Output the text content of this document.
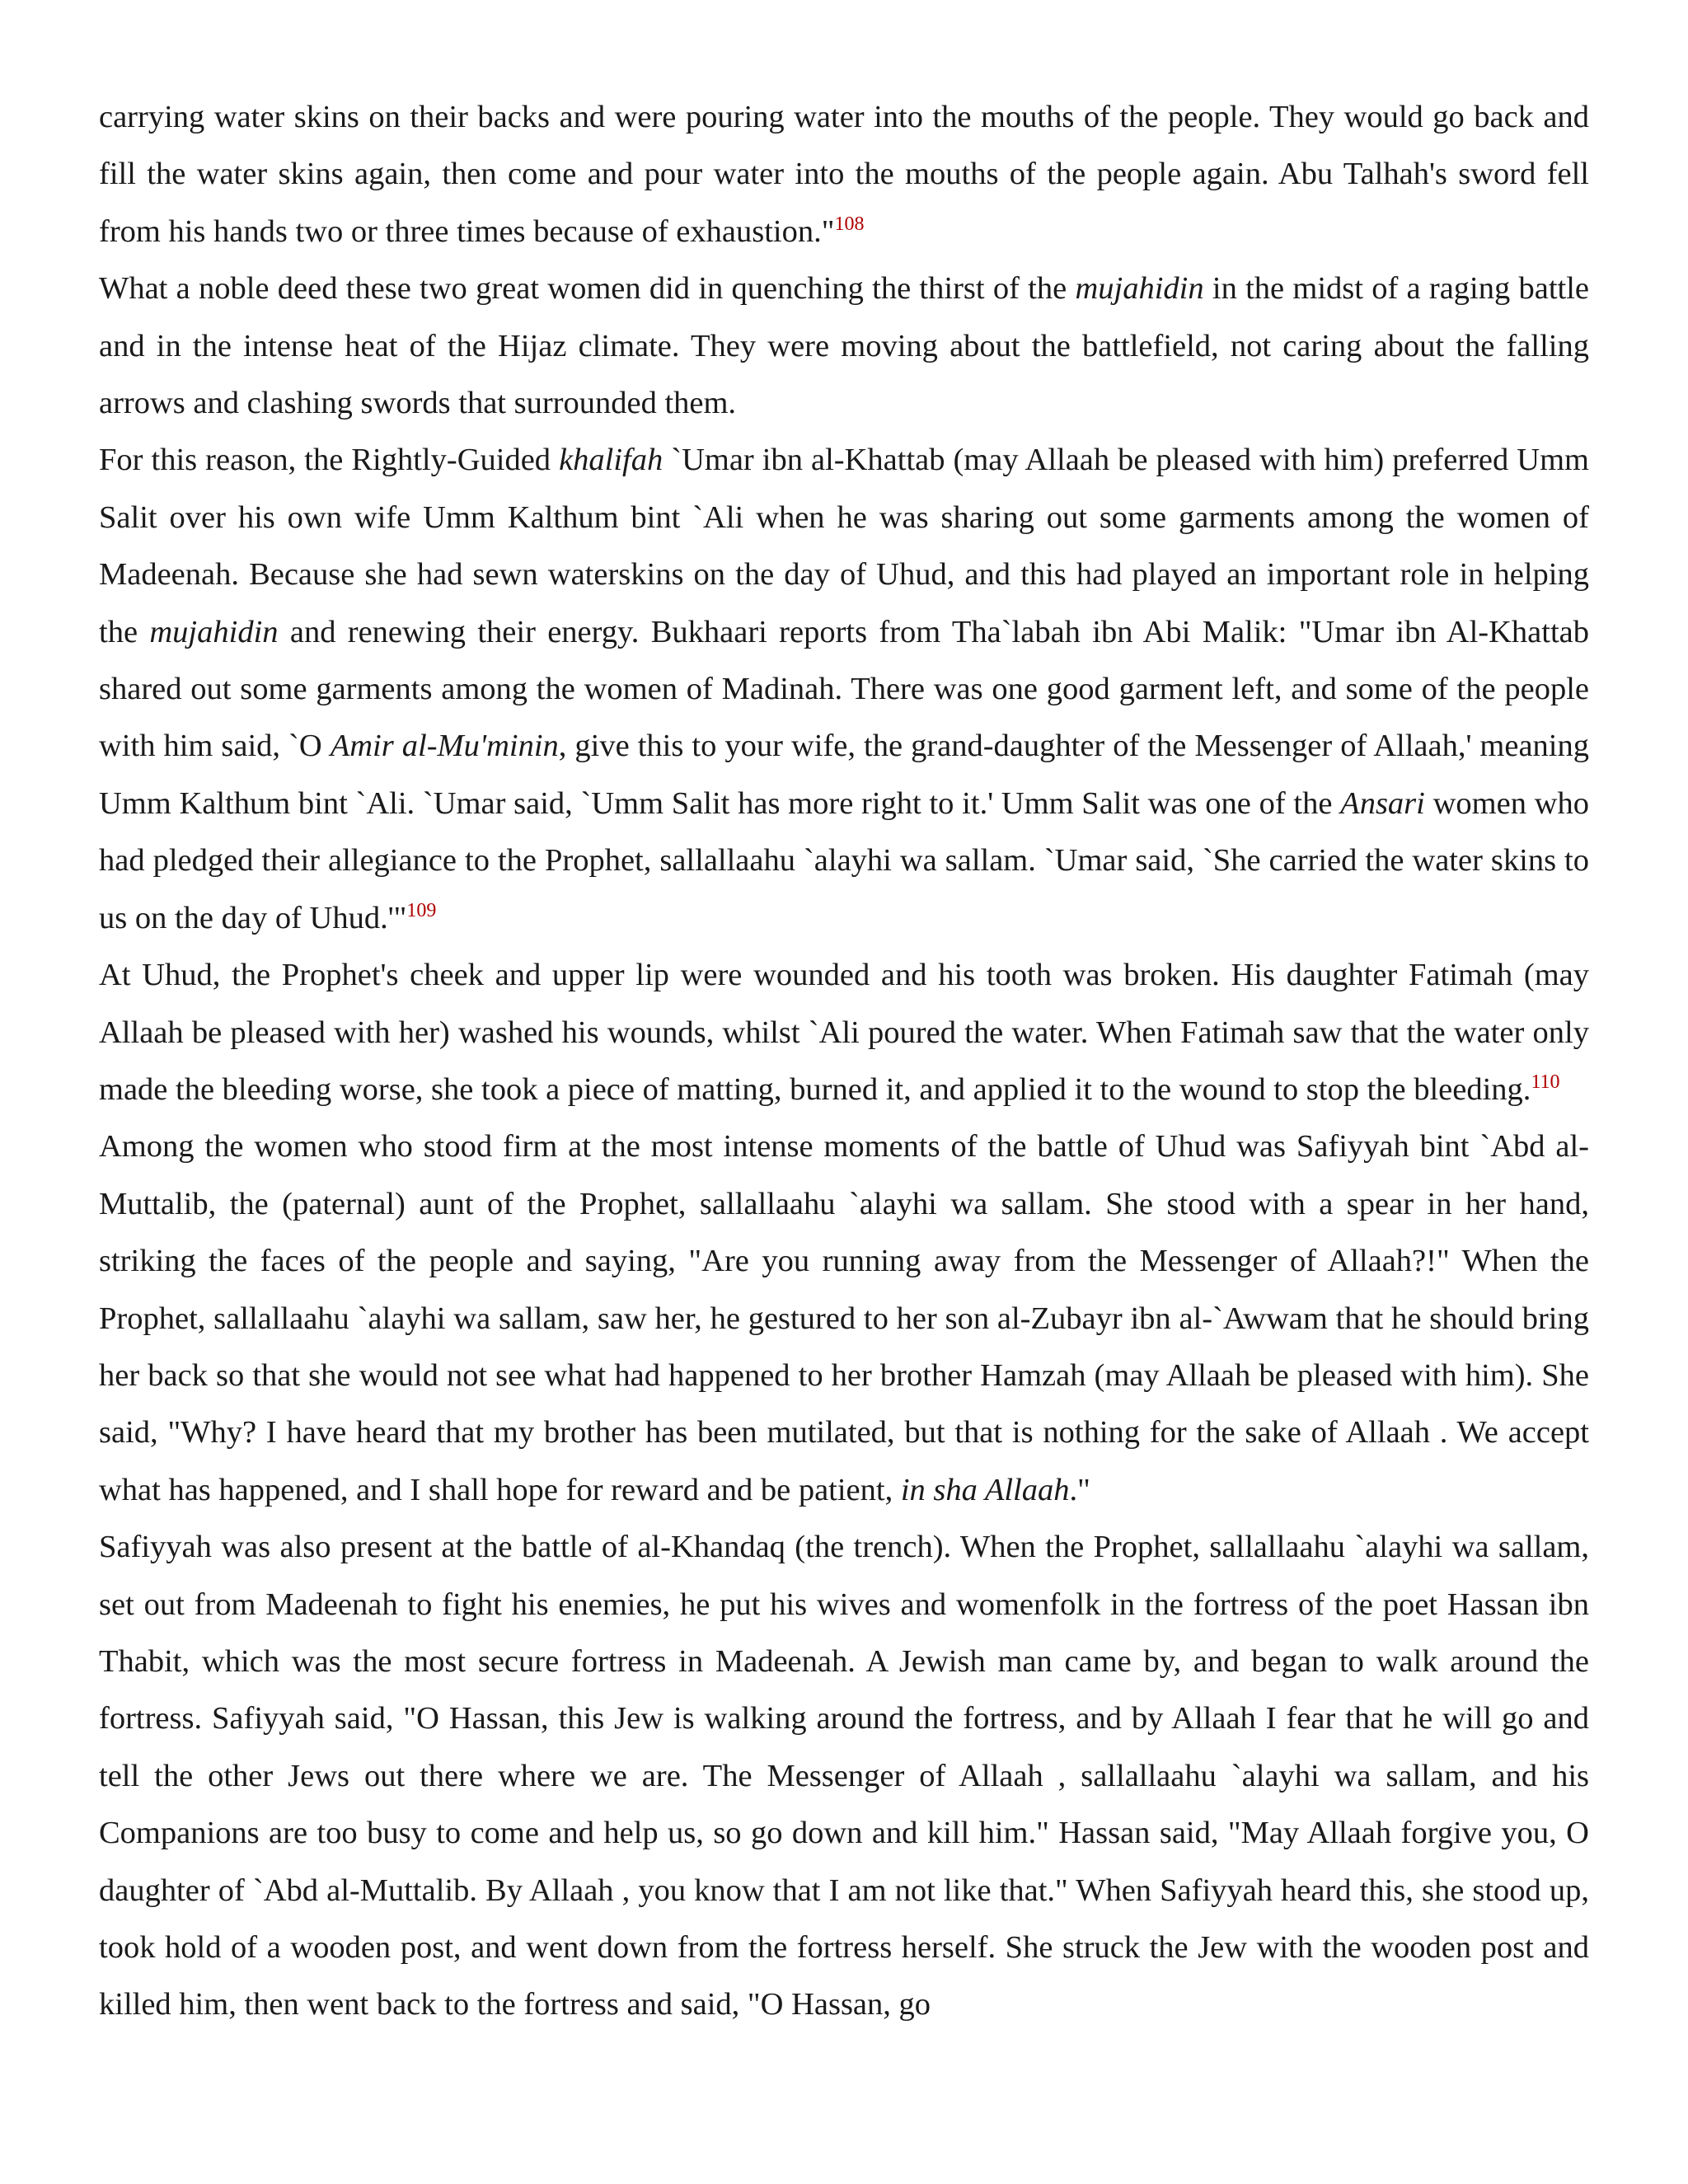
carrying water skins on their backs and were pouring water into the mouths of the people. They would go back and fill the water skins again, then come and pour water into the mouths of the people again. Abu Talhah's sword fell from his hands two or three times because of exhaustion."$^{108}$

What a noble deed these two great women did in quenching the thirst of the mujahidin in the midst of a raging battle and in the intense heat of the Hijaz climate. They were moving about the battlefield, not caring about the falling arrows and clashing swords that surrounded them.

For this reason, the Rightly-Guided khalifah `Umar ibn al-Khattab (may Allaah be pleased with him) preferred Umm Salit over his own wife Umm Kalthum bint `Ali when he was sharing out some garments among the women of Madeenah. Because she had sewn waterskins on the day of Uhud, and this had played an important role in helping the mujahidin and renewing their energy. Bukhaari reports from Tha`labah ibn Abi Malik: "Umar ibn Al-Khattab shared out some garments among the women of Madinah. There was one good garment left, and some of the people with him said, `O Amir al-Mu'minin, give this to your wife, the grand-daughter of the Messenger of Allaah,' meaning Umm Kalthum bint `Ali. `Umar said, `Umm Salit has more right to it.' Umm Salit was one of the Ansari women who had pledged their allegiance to the Prophet, sallallaahu `alayhi wa sallam. `Umar said, `She carried the water skins to us on the day of Uhud.'"$^{109}$

At Uhud, the Prophet's cheek and upper lip were wounded and his tooth was broken. His daughter Fatimah (may Allaah be pleased with her) washed his wounds, whilst `Ali poured the water. When Fatimah saw that the water only made the bleeding worse, she took a piece of matting, burned it, and applied it to the wound to stop the bleeding.$^{110}$

Among the women who stood firm at the most intense moments of the battle of Uhud was Safiyyah bint `Abd al-Muttalib, the (paternal) aunt of the Prophet, sallallaahu `alayhi wa sallam. She stood with a spear in her hand, striking the faces of the people and saying, "Are you running away from the Messenger of Allaah?!" When the Prophet, sallallaahu `alayhi wa sallam, saw her, he gestured to her son al-Zubayr ibn al-`Awwam that he should bring her back so that she would not see what had happened to her brother Hamzah (may Allaah be pleased with him). She said, "Why? I have heard that my brother has been mutilated, but that is nothing for the sake of Allaah . We accept what has happened, and I shall hope for reward and be patient, in sha Allaah."

Safiyyah was also present at the battle of al-Khandaq (the trench). When the Prophet, sallallaahu `alayhi wa sallam, set out from Madeenah to fight his enemies, he put his wives and womenfolk in the fortress of the poet Hassan ibn Thabit, which was the most secure fortress in Madeenah. A Jewish man came by, and began to walk around the fortress. Safiyyah said, "O Hassan, this Jew is walking around the fortress, and by Allaah I fear that he will go and tell the other Jews out there where we are. The Messenger of Allaah , sallallaahu `alayhi wa sallam, and his Companions are too busy to come and help us, so go down and kill him." Hassan said, "May Allaah forgive you, O daughter of `Abd al-Muttalib. By Allaah , you know that I am not like that." When Safiyyah heard this, she stood up, took hold of a wooden post, and went down from the fortress herself. She struck the Jew with the wooden post and killed him, then went back to the fortress and said, "O Hassan, go
